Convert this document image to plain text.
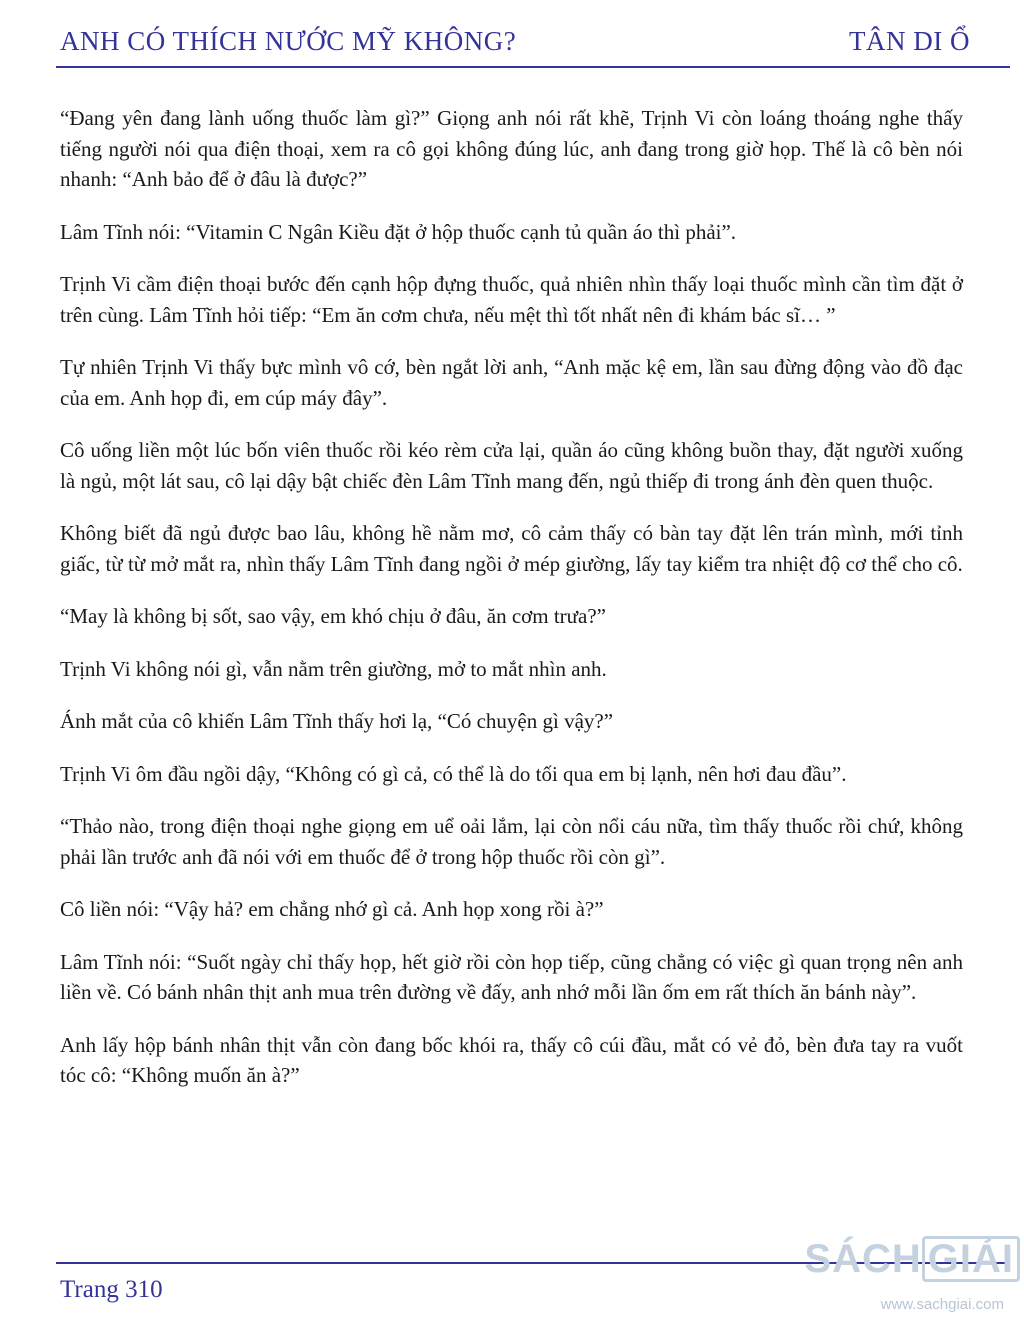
ANH CÓ THÍCH NƯỚC MỸ KHÔNG?	TÂN DI Ổ

“Đang yên đang lành uống thuốc làm gì?” Giọng anh nói rất khẽ, Trịnh Vi còn loáng thoáng nghe thấy tiếng người nói qua điện thoại, xem ra cô gọi không đúng lúc, anh đang trong giờ họp. Thế là cô bèn nói nhanh: “Anh bảo để ở đâu là được?”

Lâm Tĩnh nói: “Vitamin C Ngân Kiều đặt ở hộp thuốc cạnh tủ quần áo thì phải”.

Trịnh Vi cầm điện thoại bước đến cạnh hộp đựng thuốc, quả nhiên nhìn thấy loại thuốc mình cần tìm đặt ở trên cùng. Lâm Tĩnh hỏi tiếp: “Em ăn cơm chưa, nếu mệt thì tốt nhất nên đi khám bác sĩ… ”

Tự nhiên Trịnh Vi thấy bực mình vô cớ, bèn ngắt lời anh, “Anh mặc kệ em, lần sau đừng động vào đồ đạc của em. Anh họp đi, em cúp máy đây”.

Cô uống liền một lúc bốn viên thuốc rồi kéo rèm cửa lại, quần áo cũng không buồn thay, đặt người xuống là ngủ, một lát sau, cô lại dậy bật chiếc đèn Lâm Tĩnh mang đến, ngủ thiếp đi trong ánh đèn quen thuộc.

Không biết đã ngủ được bao lâu, không hề nằm mơ, cô cảm thấy có bàn tay đặt lên trán mình, mới tỉnh giấc, từ từ mở mắt ra, nhìn thấy Lâm Tĩnh đang ngồi ở mép giường, lấy tay kiểm tra nhiệt độ cơ thể cho cô.

“May là không bị sốt, sao vậy, em khó chịu ở đâu, ăn cơm trưa?”

Trịnh Vi không nói gì, vẫn nằm trên giường, mở to mắt nhìn anh.

Ánh mắt của cô khiến Lâm Tĩnh thấy hơi lạ, “Có chuyện gì vậy?”

Trịnh Vi ôm đầu ngồi dậy, “Không có gì cả, có thể là do tối qua em bị lạnh, nên hơi đau đầu”.

“Thảo nào, trong điện thoại nghe giọng em uể oải lắm, lại còn nổi cáu nữa, tìm thấy thuốc rồi chứ, không phải lần trước anh đã nói với em thuốc để ở trong hộp thuốc rồi còn gì”.

Cô liền nói: “Vậy hả? em chẳng nhớ gì cả. Anh họp xong rồi à?”

Lâm Tĩnh nói: “Suốt ngày chỉ thấy họp, hết giờ rồi còn họp tiếp, cũng chẳng có việc gì quan trọng nên anh liền về. Có bánh nhân thịt anh mua trên đường về đấy, anh nhớ mỗi lần ốm em rất thích ăn bánh này”.

Anh lấy hộp bánh nhân thịt vẫn còn đang bốc khói ra, thấy cô cúi đầu, mắt có vẻ đỏ, bèn đưa tay ra vuốt tóc cô: “Không muốn ăn à?”

Trang 310
SÁCH GIẢI
www.sachgiai.com
